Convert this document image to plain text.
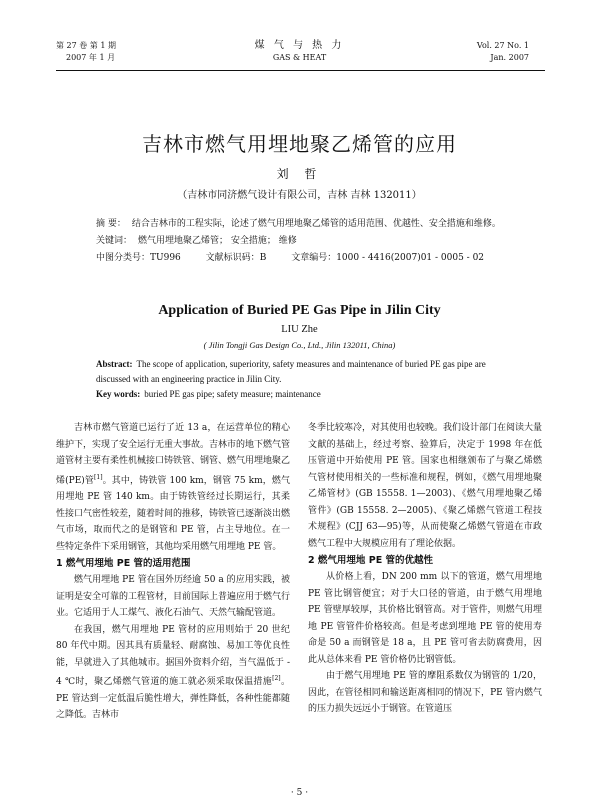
第 27 卷 第 1 期
2007 年 1 月
煤 气 与 热 力
GAS & HEAT
Vol. 27 No. 1
Jan. 2007
吉林市燃气用埋地聚乙烯管的应用
刘 哲
（吉林市同济燃气设计有限公司，吉林 吉林 132011）

摘 要： 结合吉林市的工程实际，论述了燃气用埋地聚乙烯管的适用范围、优越性、安全措施和维修。

关键词： 燃气用埋地聚乙烯管； 安全措施； 维修

中图分类号：TU996	文献标识码：B	文章编号：1000 - 4416(2007)01 - 0005 - 02

Application of Buried PE Gas Pipe in Jilin City
LIU Zhe
( Jilin Tongji Gas Design Co., Ltd., Jilin 132011, China)

Abstract: The scope of application, superiority, safety measures and maintenance of buried PE gas pipe are discussed with an engineering practice in Jilin City.

Key words: buried PE gas pipe; safety measure; maintenance

吉林市燃气管道已运行了近 13 a，在运营单位的精心维护下，实现了安全运行无重大事故。吉林市的地下燃气管道管材主要有柔性机械接口铸铁管、钢管、燃气用埋地聚乙烯(PE)管[1]。其中，铸铁管 100 km，钢管 75 km，燃气用埋地 PE 管 140 km。由于铸铁管经过长期运行，其柔性接口气密性较差，随着时间的推移，铸铁管已逐渐淡出燃气市场，取而代之的是钢管和 PE 管，占主导地位。在一些特定条件下采用钢管，其他均采用燃气用埋地 PE 管。

1 燃气用埋地 PE 管的适用范围

燃气用埋地 PE 管在国外历经逾 50 a 的应用实践，被证明是安全可靠的工程管材，目前国际上普遍应用于燃气行业。它适用于人工煤气、液化石油气、天然气输配管道。

在我国，燃气用埋地 PE 管材的应用则始于 20 世纪 80 年代中期。因其具有质量轻、耐腐蚀、易加工等优良性能，早就进入了其他城市。据国外资料介绍，当气温低于 - 4 ℃时，聚乙烯燃气管道的施工就必须采取保温措施[2]。PE 管达到一定低温后脆性增大，弹性降低，各种性能都随之降低。吉林市

冬季比较寒冷，对其使用也较晚。我们设计部门在阅读大量文献的基础上，经过考察、验算后，决定于 1998 年在低压管道中开始使用 PE 管。国家也相继颁布了与聚乙烯燃气管材使用相关的一些标准和规程，例如，《燃气用埋地聚乙烯管材》(GB 15558. 1—2003)、《燃气用埋地聚乙烯管件》(GB 15558. 2—2005)、《聚乙烯燃气管道工程技术规程》(CJJ 63—95)等，从而使聚乙烯燃气管道在市政燃气工程中大规模应用有了理论依据。

2 燃气用埋地 PE 管的优越性

从价格上看，DN 200 mm 以下的管道，燃气用埋地 PE 管比钢管便宜；对于大口径的管道，由于燃气用埋地 PE 管壁厚较厚，其价格比钢管高。对于管件，则燃气用埋地 PE 管管件价格较高。但是考虑到埋地 PE 管的使用寿命是 50 a 而钢管是 18 a，且 PE 管可省去防腐费用，因此从总体来看 PE 管价格仍比钢管低。

由于燃气用埋地 PE 管的摩阻系数仅为钢管的 1/20，因此，在管径相同和输送距离相同的情况下，PE 管内燃气的压力损失远远小于钢管。在管道压

· 5 ·
